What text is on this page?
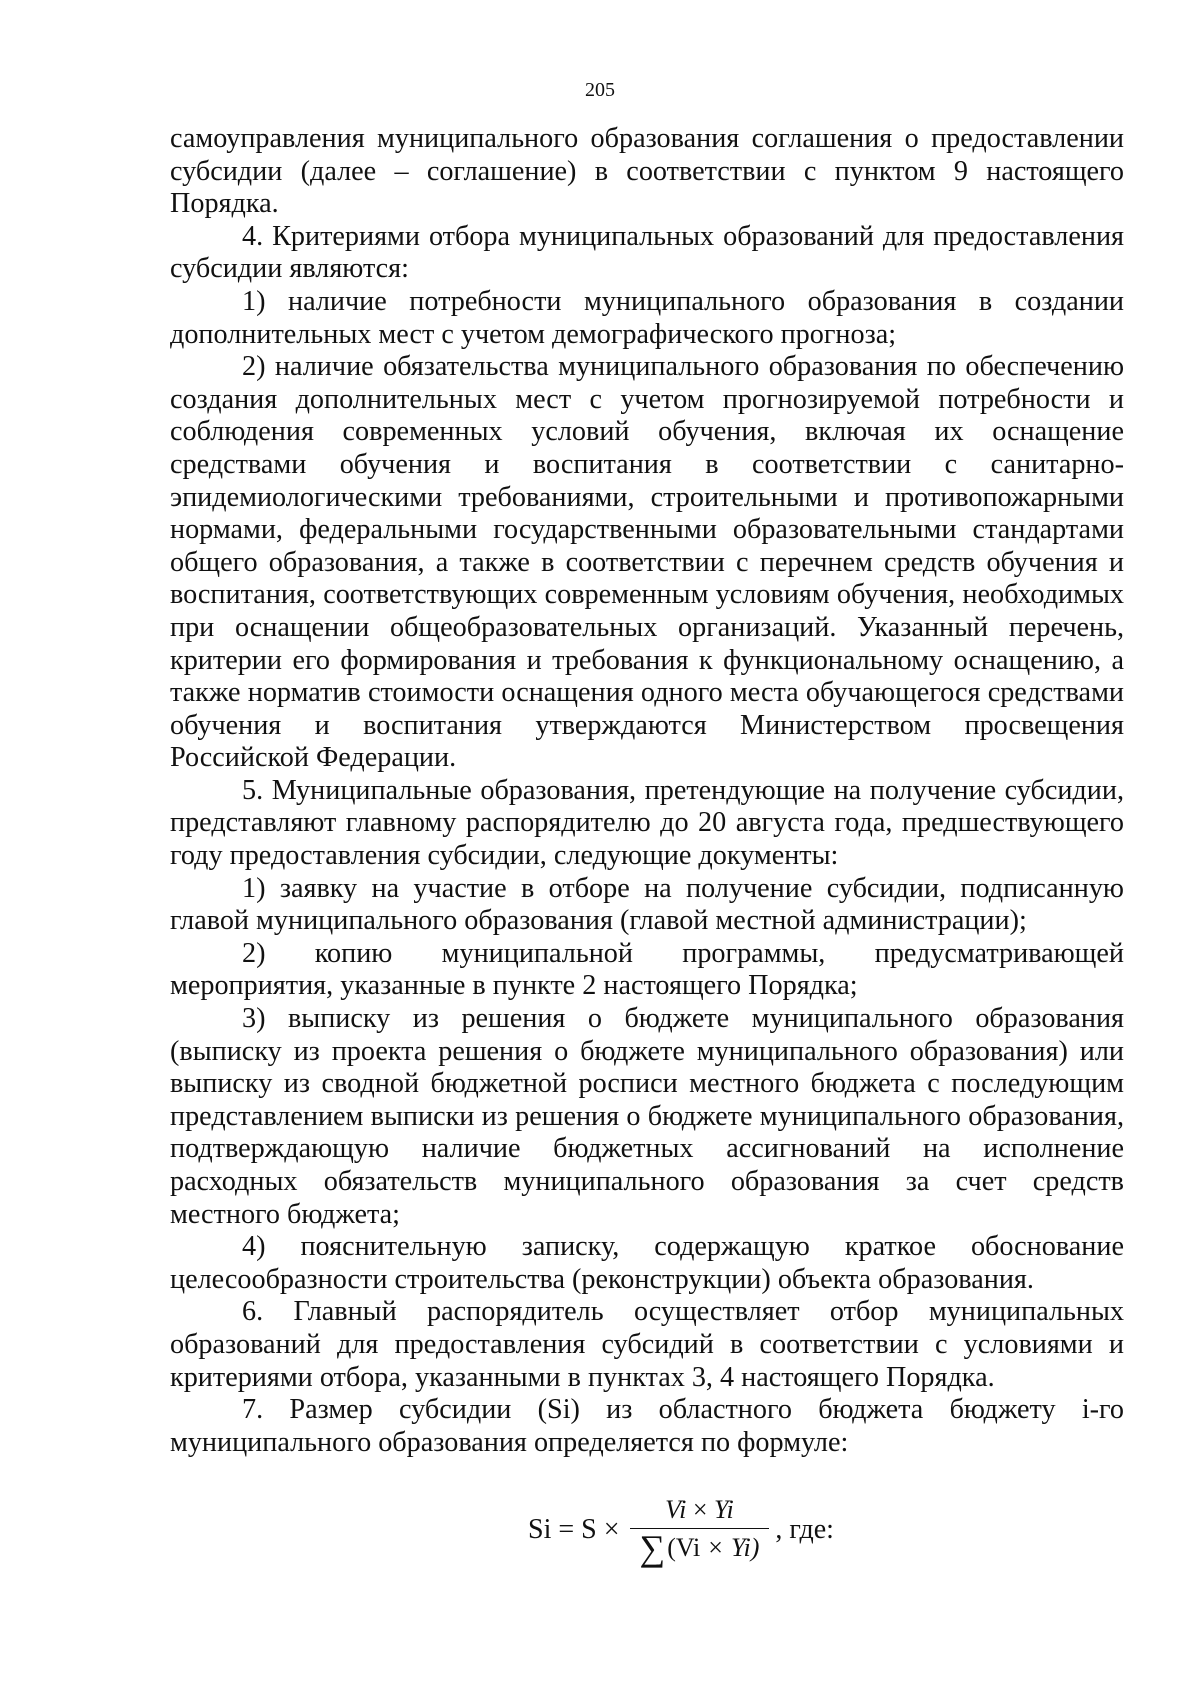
205

самоуправления муниципального образования соглашения о предоставлении субсидии (далее – соглашение) в соответствии с пунктом 9 настоящего Порядка.

4. Критериями отбора муниципальных образований для предоставления субсидии являются:

1) наличие потребности муниципального образования в создании дополнительных мест с учетом демографического прогноза;

2) наличие обязательства муниципального образования по обеспечению создания дополнительных мест с учетом прогнозируемой потребности и соблюдения современных условий обучения, включая их оснащение средствами обучения и воспитания в соответствии с санитарно-эпидемиологическими требованиями, строительными и противопожарными нормами, федеральными государственными образовательными стандартами общего образования, а также в соответствии с перечнем средств обучения и воспитания, соответствующих современным условиям обучения, необходимых при оснащении общеобразовательных организаций. Указанный перечень, критерии его формирования и требования к функциональному оснащению, а также норматив стоимости оснащения одного места обучающегося средствами обучения и воспитания утверждаются Министерством просвещения Российской Федерации.

5. Муниципальные образования, претендующие на получение субсидии, представляют главному распорядителю до 20 августа года, предшествующего году предоставления субсидии, следующие документы:

1) заявку на участие в отборе на получение субсидии, подписанную главой муниципального образования (главой местной администрации);

2) копию муниципальной программы, предусматривающей мероприятия, указанные в пункте 2 настоящего Порядка;

3) выписку из решения о бюджете муниципального образования (выписку из проекта решения о бюджете муниципального образования) или выписку из сводной бюджетной росписи местного бюджета с последующим представлением выписки из решения о бюджете муниципального образования, подтверждающую наличие бюджетных ассигнований на исполнение расходных обязательств муниципального образования за счет средств местного бюджета;

4) пояснительную записку, содержащую краткое обоснование целесообразности строительства (реконструкции) объекта образования.

6. Главный распорядитель осуществляет отбор муниципальных образований для предоставления субсидий в соответствии с условиями и критериями отбора, указанными в пунктах 3, 4 настоящего Порядка.

7. Размер субсидии (Si) из областного бюджета бюджету i-го муниципального образования определяется по формуле:

$Si = S \times \frac{Vi \times Yi}{\sum (Vi \times Yi)}$ , где:
